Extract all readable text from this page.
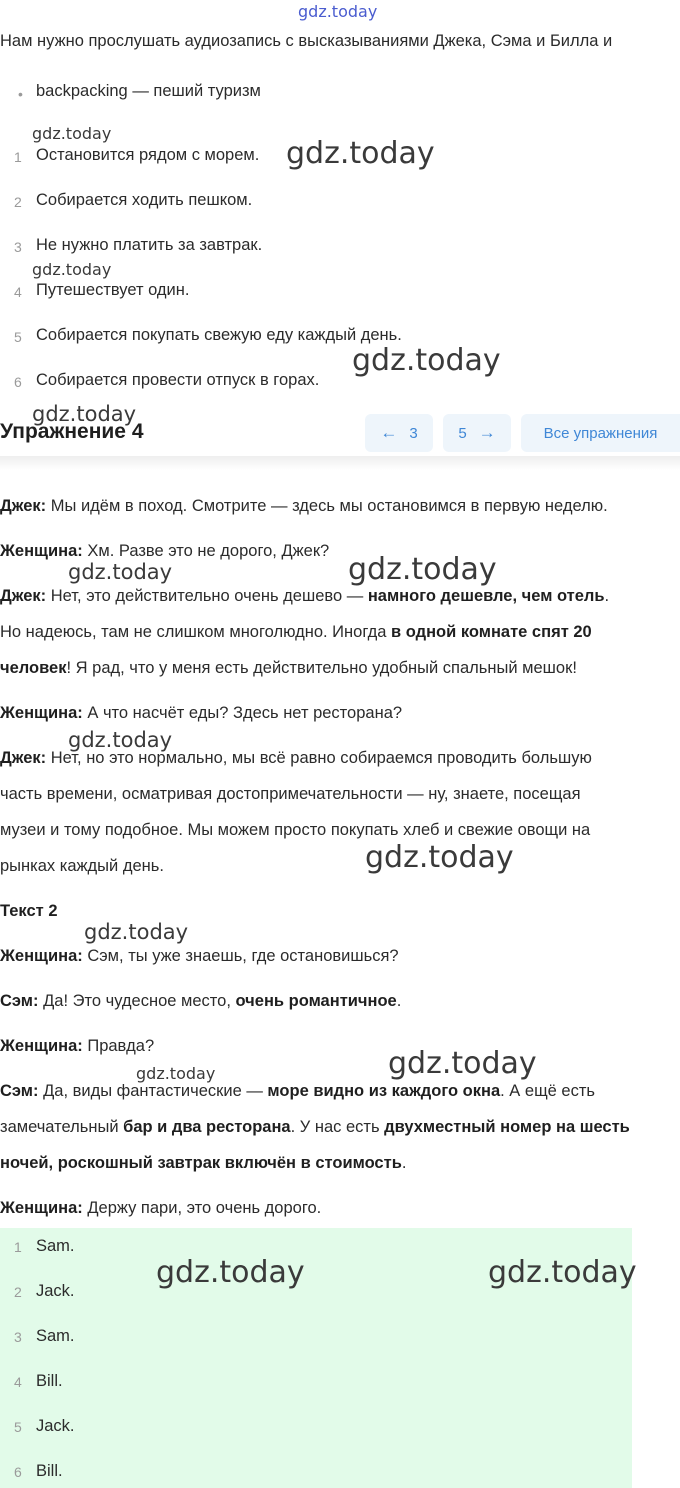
gdz.today
Нам нужно прослушать аудиозапись с высказываниями Джека, Сэма и Билла и
• backpacking — пеший туризм
1 Остановится рядом с морем.
2 Собирается ходить пешком.
3 Не нужно платить за завтрак.
4 Путешествует один.
5 Собирается покупать свежую еду каждый день.
6 Собирается провести отпуск в горах.
Упражнение 4	← 3	5 →	Все упражнения
Джек: Мы идём в поход. Смотрите — здесь мы остановимся в первую неделю.
Женщина: Хм. Разве это не дорого, Джек?
Джек: Нет, это действительно очень дешево — намного дешевле, чем отель.
Но надеюсь, там не слишком многолюдно. Иногда в одной комнате спят 20
человек! Я рад, что у меня есть действительно удобный спальный мешок!
Женщина: А что насчёт еды? Здесь нет ресторана?
Джек: Нет, но это нормально, мы всё равно собираемся проводить большую
часть времени, осматривая достопримечательности — ну, знаете, посещая
музеи и тому подобное. Мы можем просто покупать хлеб и свежие овощи на
рынках каждый день.
Текст 2
Женщина: Сэм, ты уже знаешь, где остановишься?
Сэм: Да! Это чудесное место, очень романтичное.
Женщина: Правда?
Сэм: Да, виды фантастические — море видно из каждого окна. А ещё есть
замечательный бар и два ресторана. У нас есть двухместный номер на шесть
ночей, роскошный завтрак включён в стоимость.
Женщина: Держу пари, это очень дорого.
1 Sam.
2 Jack.
3 Sam.
4 Bill.
5 Jack.
6 Bill.
gdz.today
gdz.today
gdz.today
gdz.today
gdz.today
gdz.today	gdz.today
gdz.today
gdz.today
gdz.today
gdz.today
gdz.today
gdz.today	gdz.today
